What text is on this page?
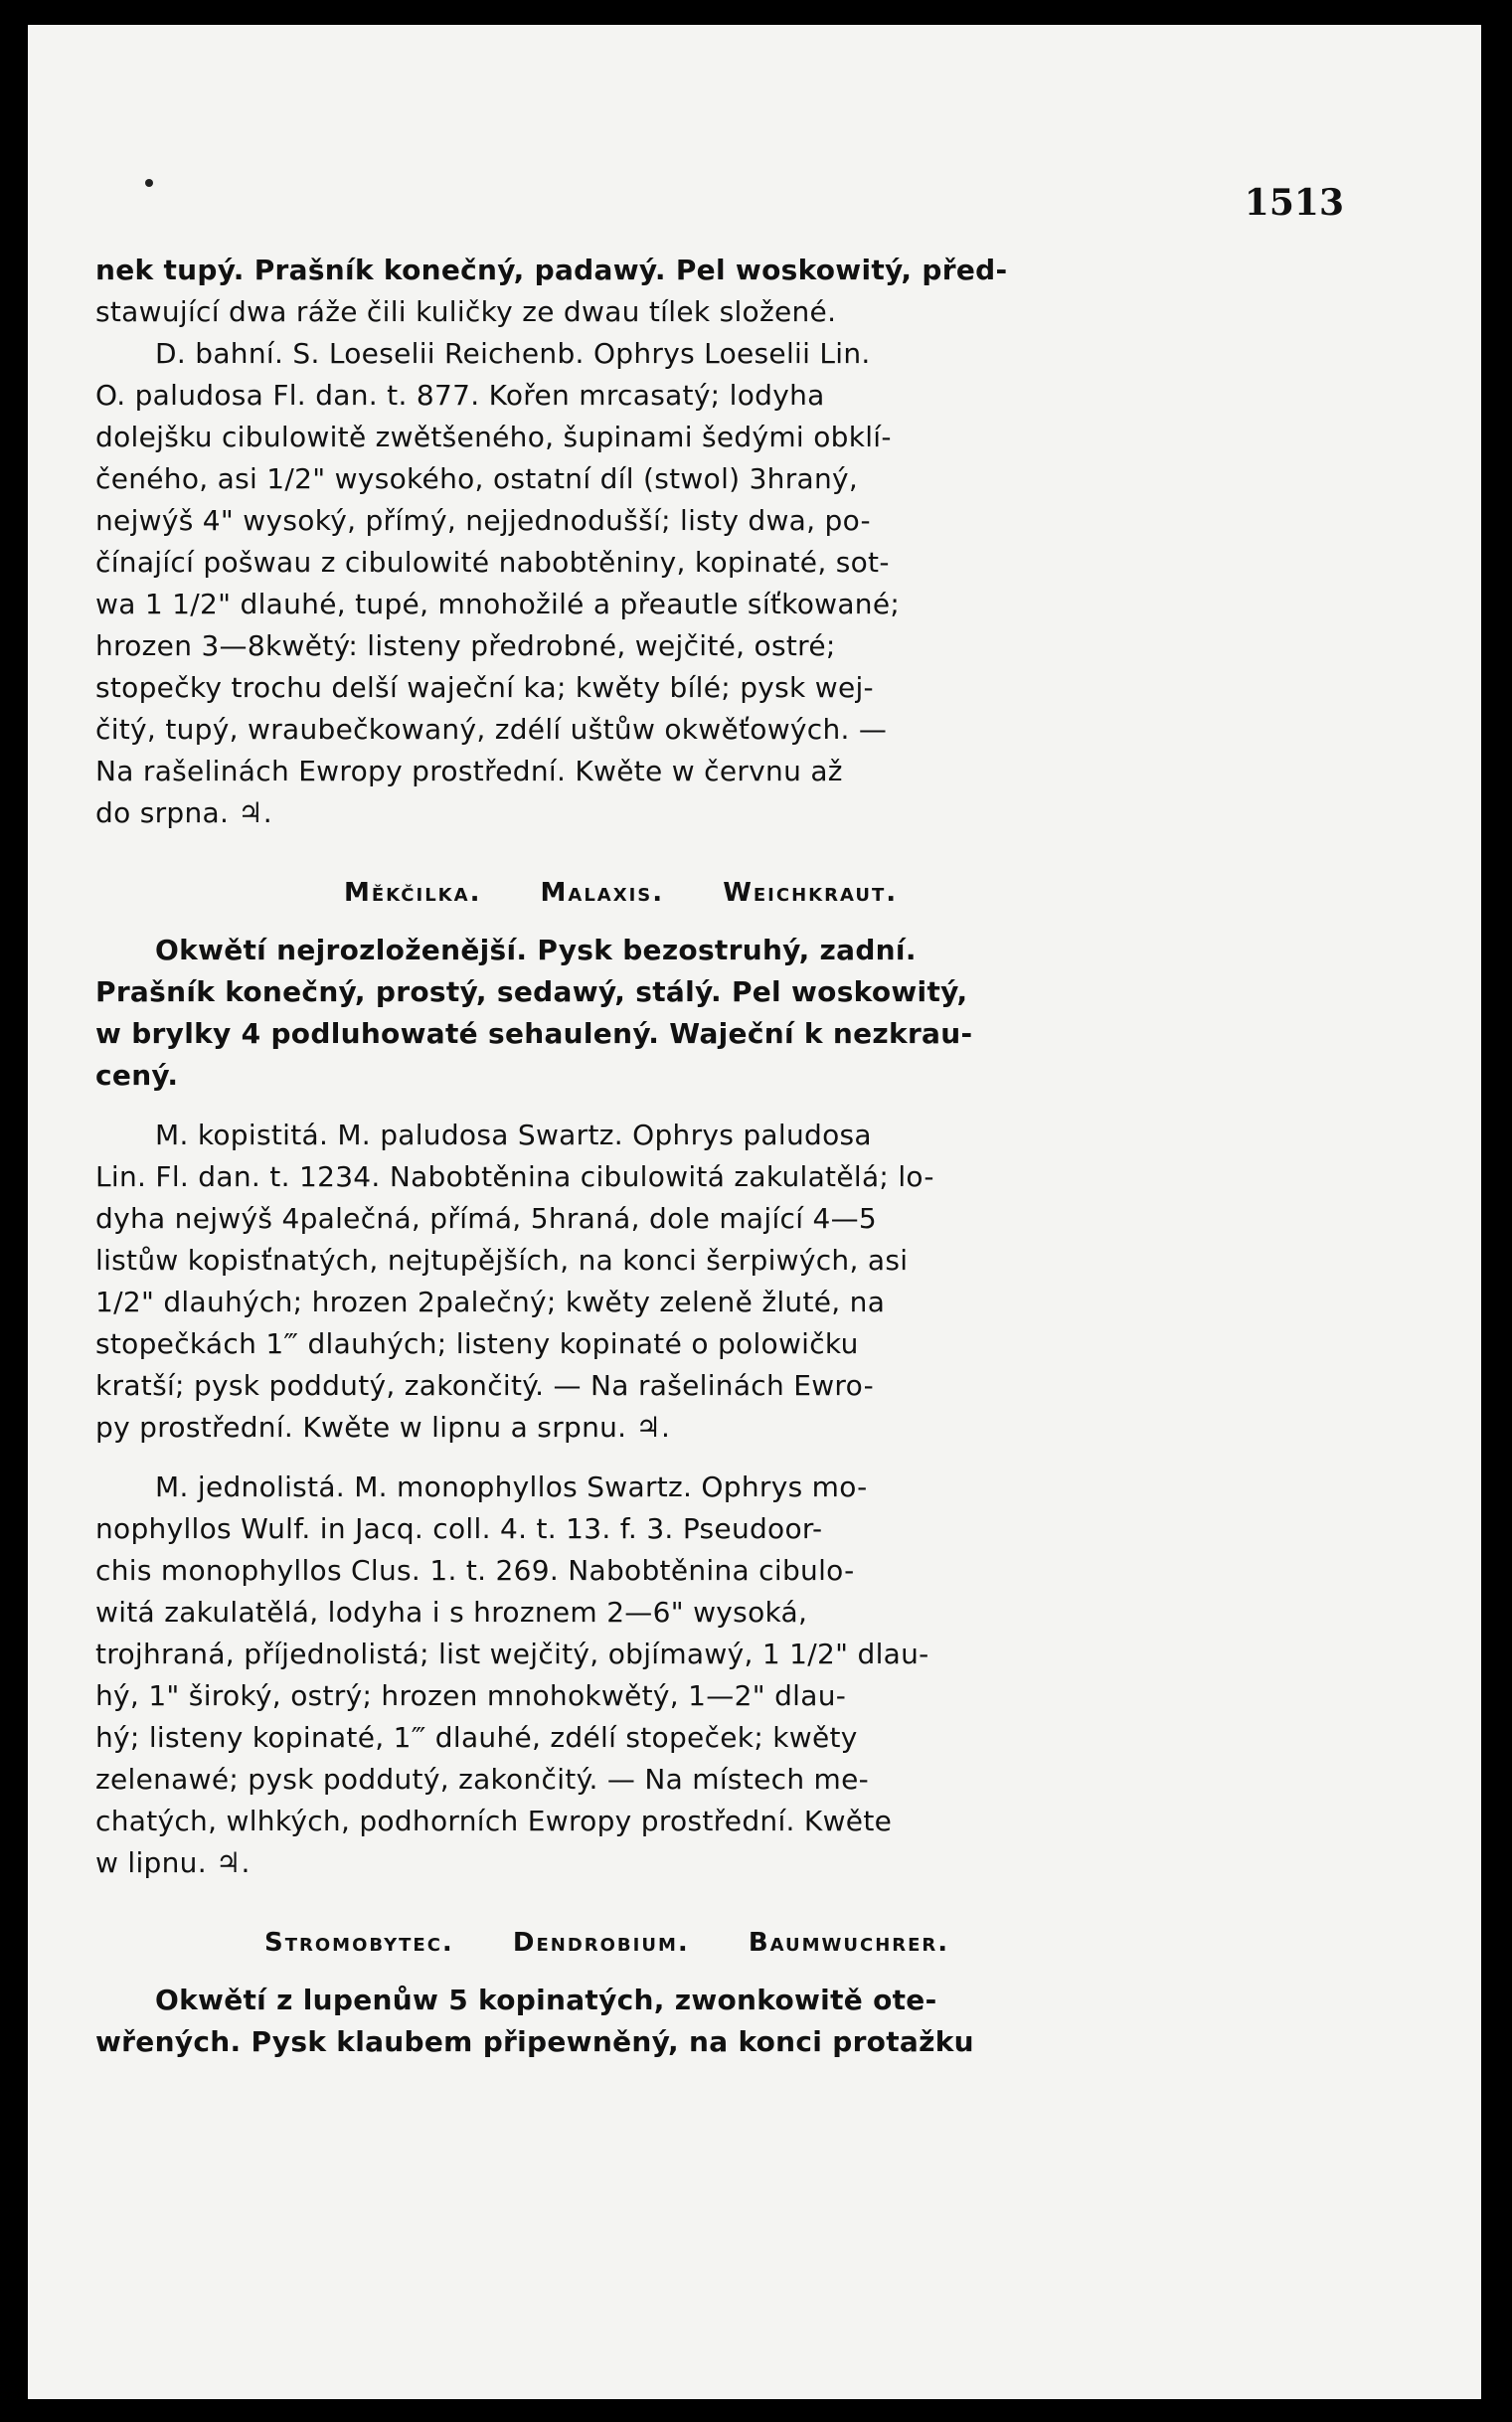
1513
nek tupý. Prašník konečný, padawý. Pel woskowitý, před-
stawující dwa ráže čili kuličky ze dwau tílek složené.
D. bahní. S. Loeselii Reichenb. Ophrys Loeselii Lin.
O. paludosa Fl. dan. t. 877. Kořen mrcasatý; lodyha
dolejšku cibulowitě zwětšeného, šupinami šedými obklí-
čeného, asi 1/2" wysokého, ostatní díl (stwol) 3hraný,
nejwýš 4" wysoký, přímý, nejjednodušší; listy dwa, po-
čínající pošwau z cibulowité nabobtěniny, kopinaté, sot-
wa 1 1/2" dlauhé, tupé, mnohožilé a přeautle síťkowané;
hrozen 3—8kwětý: listeny předrobné, wejčité, ostré;
stopečky trochu delší waječní ka; kwěty bílé; pysk wej-
čitý, tupý, wraubečkowaný, zdélí uštůw okwěťowých. —
Na rašelinách Ewropy prostřední. Kwěte w červnu až
do srpna. ♃.
Měkčilka. Malaxis. Weichkraut.
Okwětí nejrozloženější. Pysk bezostruhý, zadní.
Prašník konečný, prostý, sedawý, stálý. Pel woskowitý,
w brylky 4 podluhowaté sehaulený. Waječní k nezkrau-
cený.
M. kopistitá. M. paludosa Swartz. Ophrys paludosa
Lin. Fl. dan. t. 1234. Nabobtěnina cibulowitá zakulatělá; lo-
dyha nejwýš 4palečná, přímá, 5hraná, dole mající 4—5
listůw kopisťnatých, nejtupějších, na konci šerpiwých, asi
1/2" dlauhých; hrozen 2palečný; kwěty zeleně žluté, na
stopečkách 1‴ dlauhých; listeny kopinaté o polowičku
kratší; pysk poddutý, zakončitý. — Na rašelinách Ewro-
py prostřední. Kwěte w lipnu a srpnu. ♃.
M. jednolistá. M. monophyllos Swartz. Ophrys mo-
nophyllos Wulf. in Jacq. coll. 4. t. 13. f. 3. Pseudoor-
chis monophyllos Clus. 1. t. 269. Nabobtěnina cibulo-
witá zakulatělá, lodyha i s hroznem 2—6" wysoká,
trojhraná, příjednolistá; list wejčitý, objímawý, 1 1/2" dlau-
hý, 1" široký, ostrý; hrozen mnohokwětý, 1—2" dlau-
hý; listeny kopinaté, 1‴ dlauhé, zdélí stopeček; kwěty
zelenawé; pysk poddutý, zakončitý. — Na místech me-
chatých, wlhkých, podhorních Ewropy prostřední. Kwěte
w lipnu. ♃.
Stromobytec. Dendrobium. Baumwuchrer.
Okwětí z lupenůw 5 kopinatých, zwonkowitě ote-
wřených. Pysk klaubem připewněný, na konci protažku
